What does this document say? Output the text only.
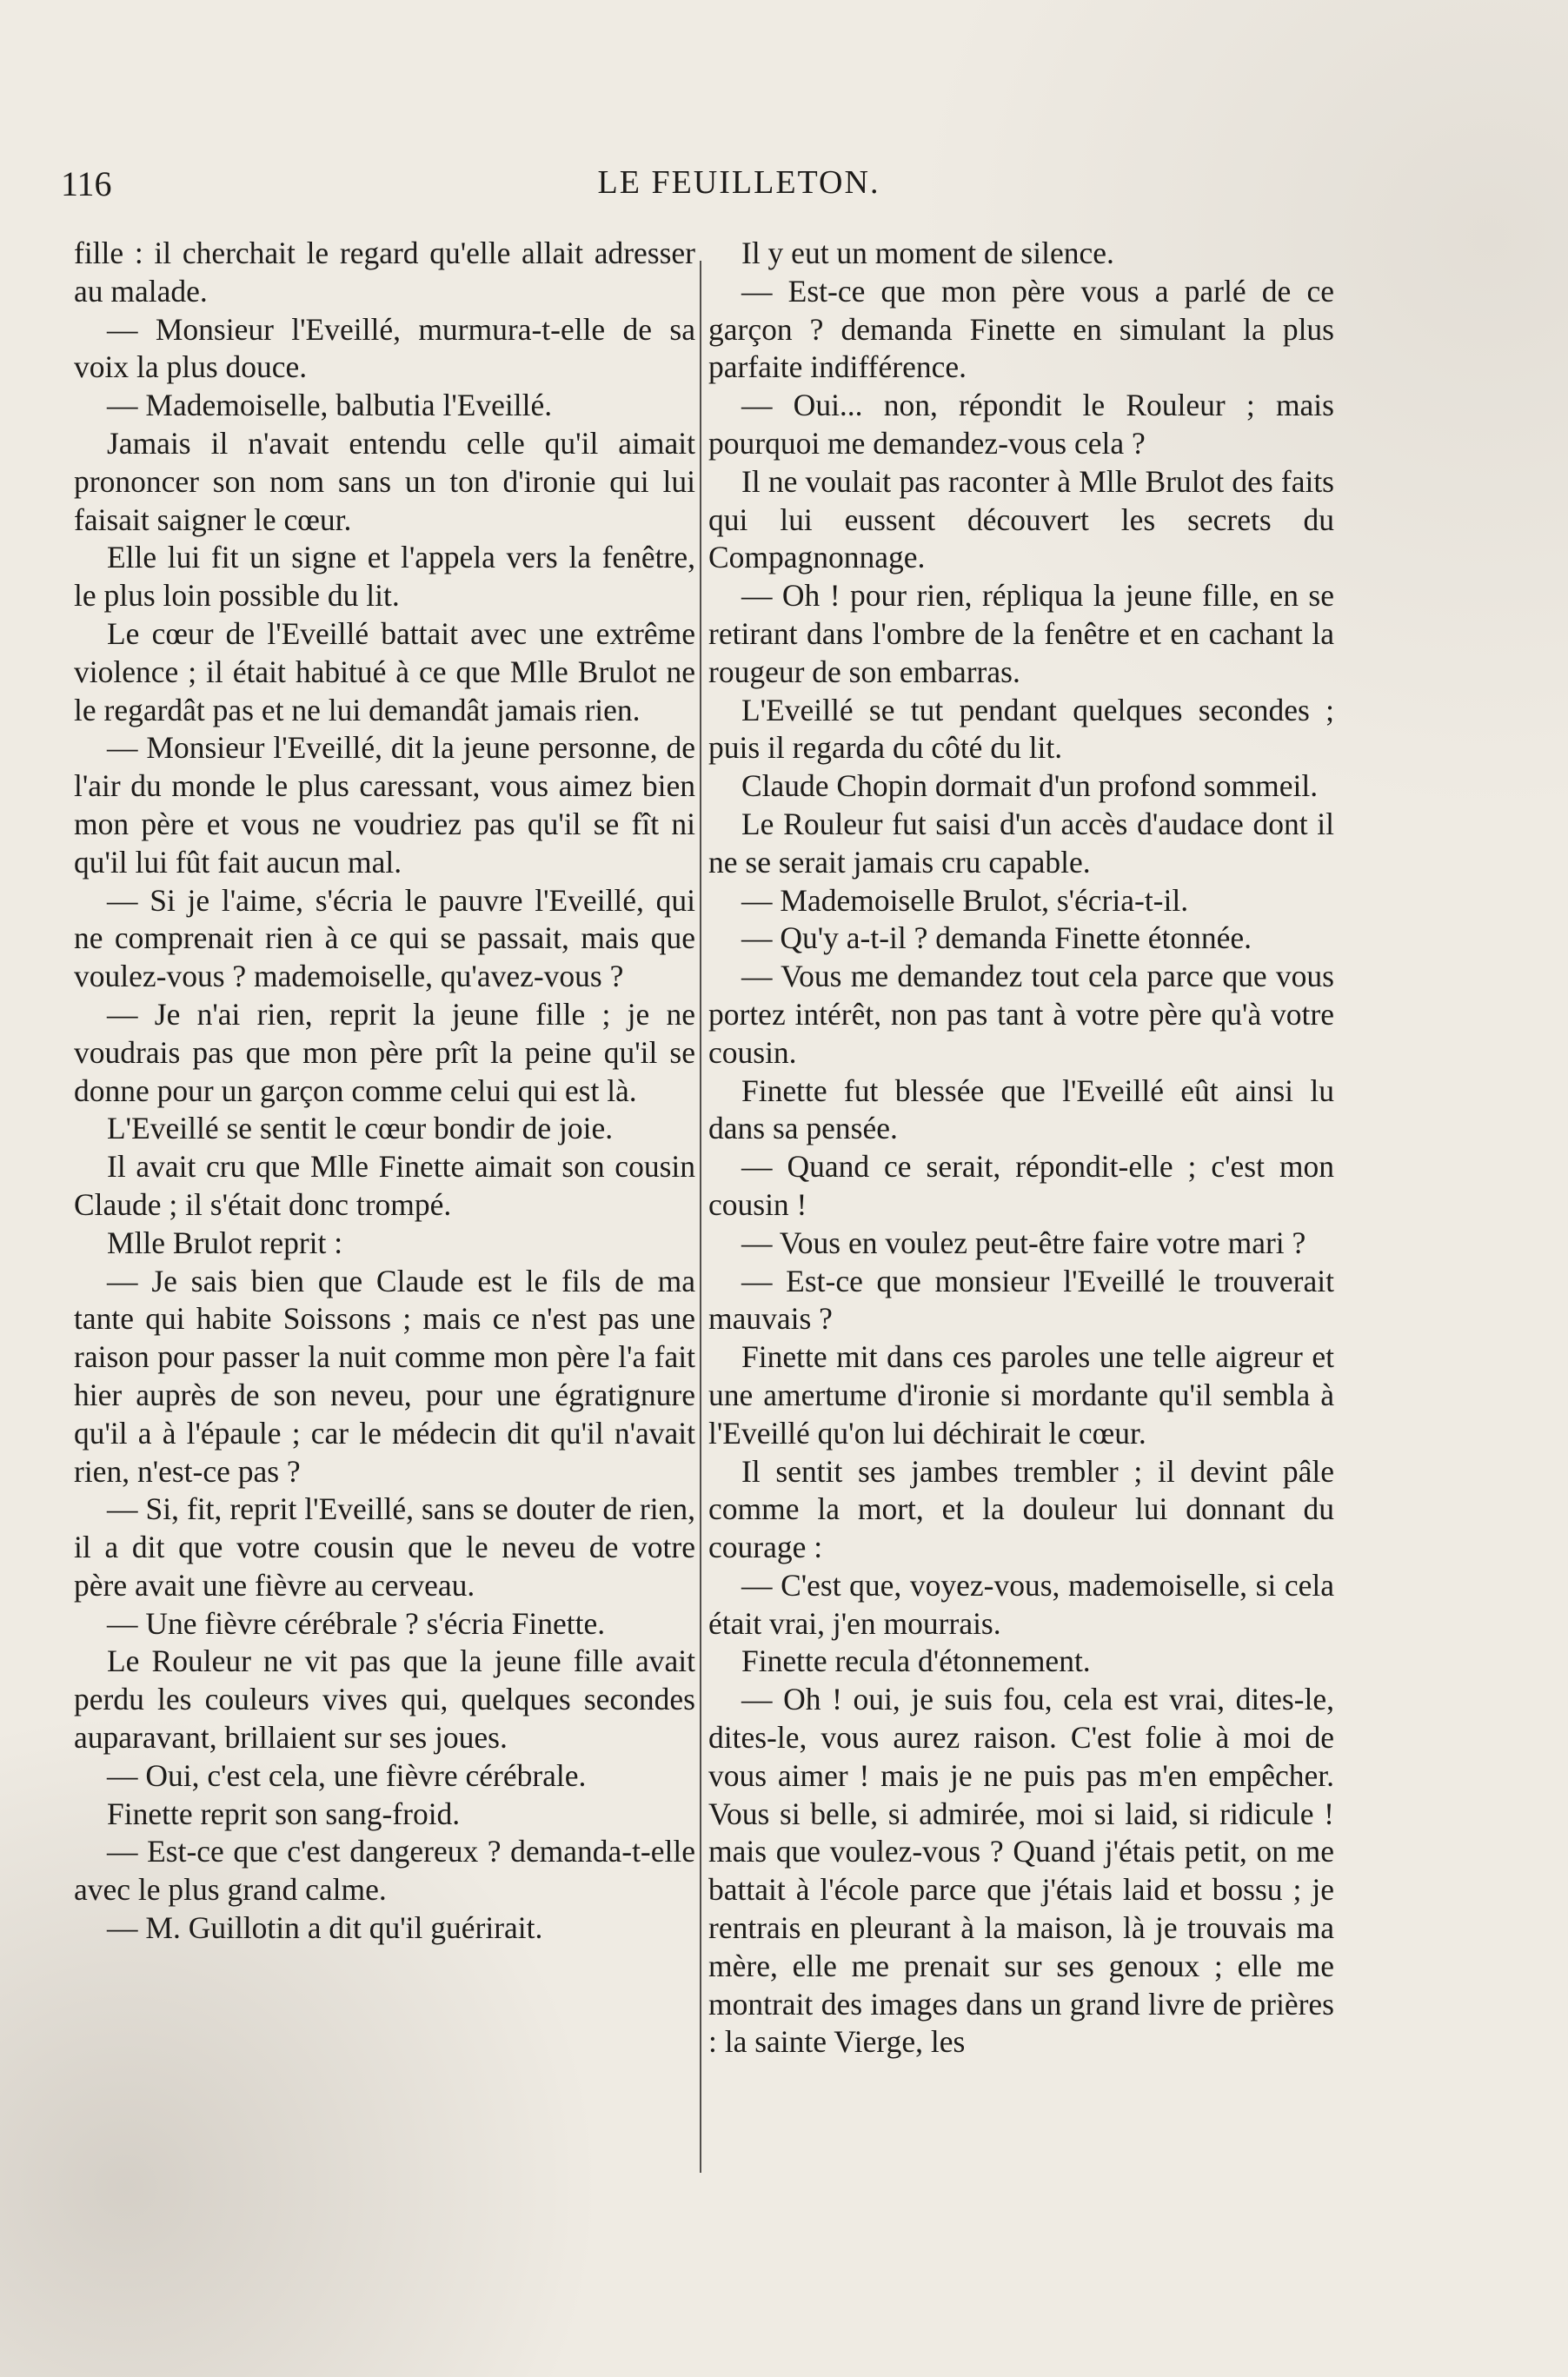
116	LE FEUILLETON.

fille : il cherchait le regard qu'elle allait adresser au malade.

— Monsieur l'Eveillé, murmura-t-elle de sa voix la plus douce.

— Mademoiselle, balbutia l'Eveillé.

Jamais il n'avait entendu celle qu'il aimait prononcer son nom sans un ton d'ironie qui lui faisait saigner le cœur.

Elle lui fit un signe et l'appela vers la fenêtre, le plus loin possible du lit.

Le cœur de l'Eveillé battait avec une extrême violence ; il était habitué à ce que Mlle Brulot ne le regardât pas et ne lui demandât jamais rien.

— Monsieur l'Eveillé, dit la jeune personne, de l'air du monde le plus caressant, vous aimez bien mon père et vous ne voudriez pas qu'il se fît ni qu'il lui fût fait aucun mal.

— Si je l'aime, s'écria le pauvre l'Eveillé, qui ne comprenait rien à ce qui se passait, mais que voulez-vous ? mademoiselle, qu'avez-vous ?

— Je n'ai rien, reprit la jeune fille ; je ne voudrais pas que mon père prît la peine qu'il se donne pour un garçon comme celui qui est là.

L'Eveillé se sentit le cœur bondir de joie.

Il avait cru que Mlle Finette aimait son cousin Claude ; il s'était donc trompé.

Mlle Brulot reprit :

— Je sais bien que Claude est le fils de ma tante qui habite Soissons ; mais ce n'est pas une raison pour passer la nuit comme mon père l'a fait hier auprès de son neveu, pour une égratignure qu'il a à l'épaule ; car le médecin dit qu'il n'avait rien, n'est-ce pas ?

— Si, fit, reprit l'Eveillé, sans se douter de rien, il a dit que votre cousin que le neveu de votre père avait une fièvre au cerveau.

— Une fièvre cérébrale ? s'écria Finette.

Le Rouleur ne vit pas que la jeune fille avait perdu les couleurs vives qui, quelques secondes auparavant, brillaient sur ses joues.

— Oui, c'est cela, une fièvre cérébrale.

Finette reprit son sang-froid.

— Est-ce que c'est dangereux ? demanda-t-elle avec le plus grand calme.

— M. Guillotin a dit qu'il guérirait.

Il y eut un moment de silence.

— Est-ce que mon père vous a parlé de ce garçon ? demanda Finette en simulant la plus parfaite indifférence.

— Oui... non, répondit le Rouleur ; mais pourquoi me demandez-vous cela ?

Il ne voulait pas raconter à Mlle Brulot des faits qui lui eussent découvert les secrets du Compagnonnage.

— Oh ! pour rien, répliqua la jeune fille, en se retirant dans l'ombre de la fenêtre et en cachant la rougeur de son embarras.

L'Eveillé se tut pendant quelques secondes ; puis il regarda du côté du lit.

Claude Chopin dormait d'un profond sommeil.

Le Rouleur fut saisi d'un accès d'audace dont il ne se serait jamais cru capable.

— Mademoiselle Brulot, s'écria-t-il.

— Qu'y a-t-il ? demanda Finette étonnée.

— Vous me demandez tout cela parce que vous portez intérêt, non pas tant à votre père qu'à votre cousin.

Finette fut blessée que l'Eveillé eût ainsi lu dans sa pensée.

— Quand ce serait, répondit-elle ; c'est mon cousin !

— Vous en voulez peut-être faire votre mari ?

— Est-ce que monsieur l'Eveillé le trouverait mauvais ?

Finette mit dans ces paroles une telle aigreur et une amertume d'ironie si mordante qu'il sembla à l'Eveillé qu'on lui déchirait le cœur.

Il sentit ses jambes trembler ; il devint pâle comme la mort, et la douleur lui donnant du courage :

— C'est que, voyez-vous, mademoiselle, si cela était vrai, j'en mourrais.

Finette recula d'étonnement.

— Oh ! oui, je suis fou, cela est vrai, dites-le, dites-le, vous aurez raison. C'est folie à moi de vous aimer ! mais je ne puis pas m'en empêcher. Vous si belle, si admirée, moi si laid, si ridicule ! mais que voulez-vous ? Quand j'étais petit, on me battait à l'école parce que j'étais laid et bossu ; je rentrais en pleurant à la maison, là je trouvais ma mère, elle me prenait sur ses genoux ; elle me montrait des images dans un grand livre de prières : la sainte Vierge, les
